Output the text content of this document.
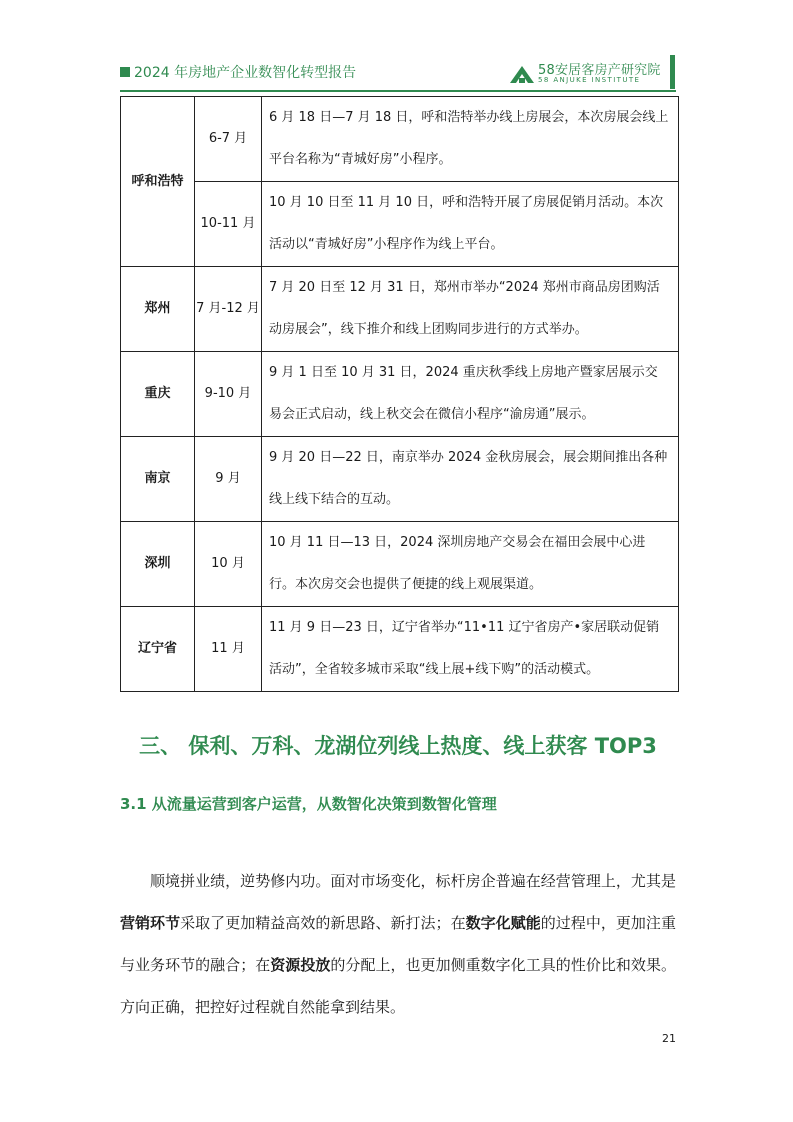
2024 年房地产企业数智化转型报告	58安居客房产研究院
58 ANJUKE INSTITUTE
呼和浩特	6-7 月	6 月 18 日—7 月 18 日，呼和浩特举办线上房展会，本次房展会线上平台名称为“青城好房”小程序。
	10-11 月	10 月 10 日至 11 月 10 日，呼和浩特开展了房展促销月活动。本次活动以“青城好房”小程序作为线上平台。
郑州	7 月-12 月	7 月 20 日至 12 月 31 日，郑州市举办“2024 郑州市商品房团购活动房展会”，线下推介和线上团购同步进行的方式举办。
重庆	9-10 月	9 月 1 日至 10 月 31 日，2024 重庆秋季线上房地产暨家居展示交易会正式启动，线上秋交会在微信小程序“渝房通”展示。
南京	9 月	9 月 20 日—22 日，南京举办 2024 金秋房展会，展会期间推出各种线上线下结合的互动。
深圳	10 月	10 月 11 日—13 日，2024 深圳房地产交易会在福田会展中心进行。本次房交会也提供了便捷的线上观展渠道。
辽宁省	11 月	11 月 9 日—23 日，辽宁省举办“11•11 辽宁省房产•家居联动促销活动”，全省较多城市采取“线上展+线下购”的活动模式。
三、 保利、万科、龙湖位列线上热度、线上获客 TOP3
3.1 从流量运营到客户运营，从数智化决策到数智化管理

顺境拼业绩，逆势修内功。面对市场变化，标杆房企普遍在经营管理上，尤其是营销环节采取了更加精益高效的新思路、新打法；在数字化赋能的过程中，更加注重与业务环节的融合；在资源投放的分配上，也更加侧重数字化工具的性价比和效果。方向正确，把控好过程就自然能拿到结果。

21
